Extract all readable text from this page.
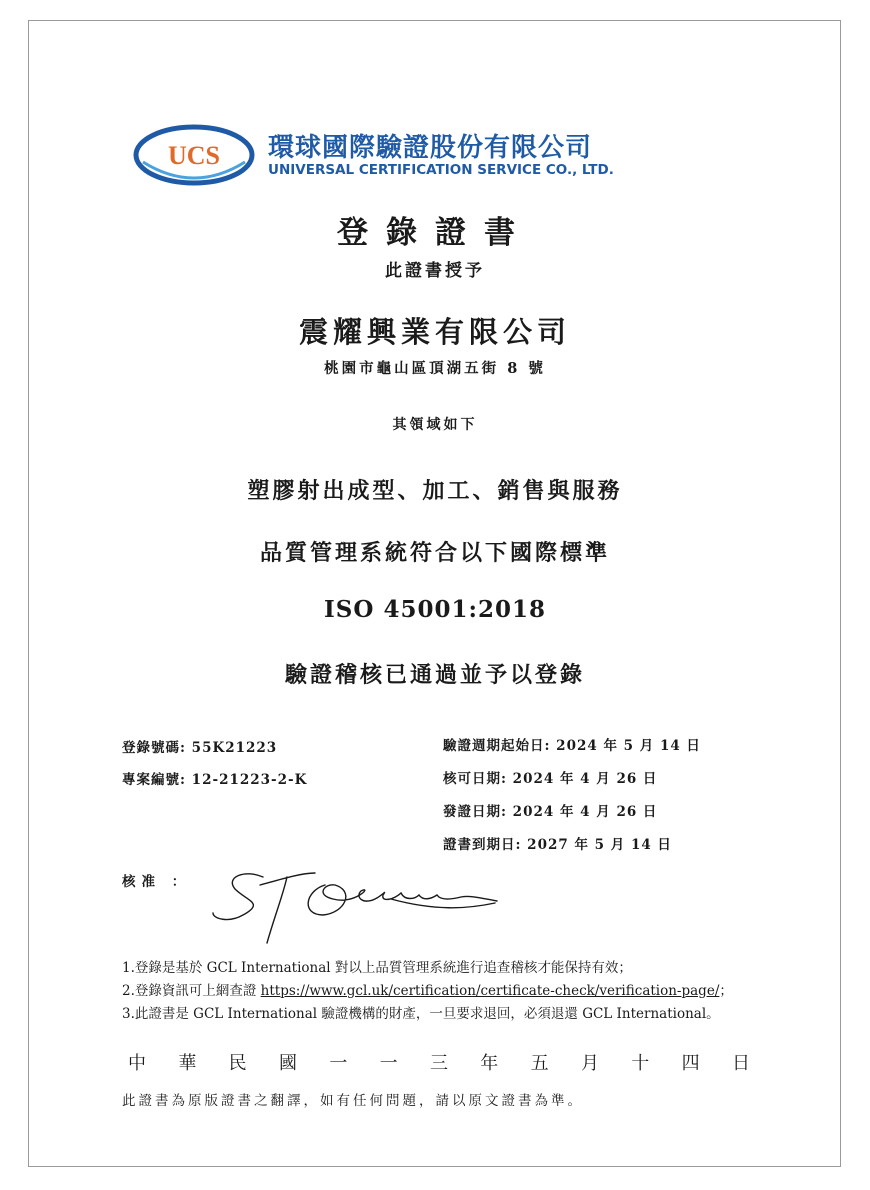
UCS 環球國際驗證股份有限公司
UNIVERSAL CERTIFICATION SERVICE CO., LTD.
登錄證書
此證書授予
震耀興業有限公司
桃園市龜山區頂湖五街 8 號
其領域如下
塑膠射出成型、加工、銷售與服務
品質管理系統符合以下國際標準
ISO 45001:2018
驗證稽核已通過並予以登錄
登錄號碼: 55K21223
專案編號: 12-21223-2-K
驗證週期起始日: 2024 年 5 月 14 日
核可日期: 2024 年 4 月 26 日
發證日期: 2024 年 4 月 26 日
證書到期日: 2027 年 5 月 14 日
核准 ：
1.登錄是基於 GCL International 對以上品質管理系統進行追查稽核才能保持有效；
2.登錄資訊可上網查證 https://www.gcl.uk/certification/certificate-check/verification-page/；
3.此證書是 GCL International 驗證機構的財產，一旦要求退回，必須退還 GCL International。
中 華 民 國 一 一 三 年 五 月 十 四 日
此證書為原版證書之翻譯，如有任何問題，請以原文證書為準。
